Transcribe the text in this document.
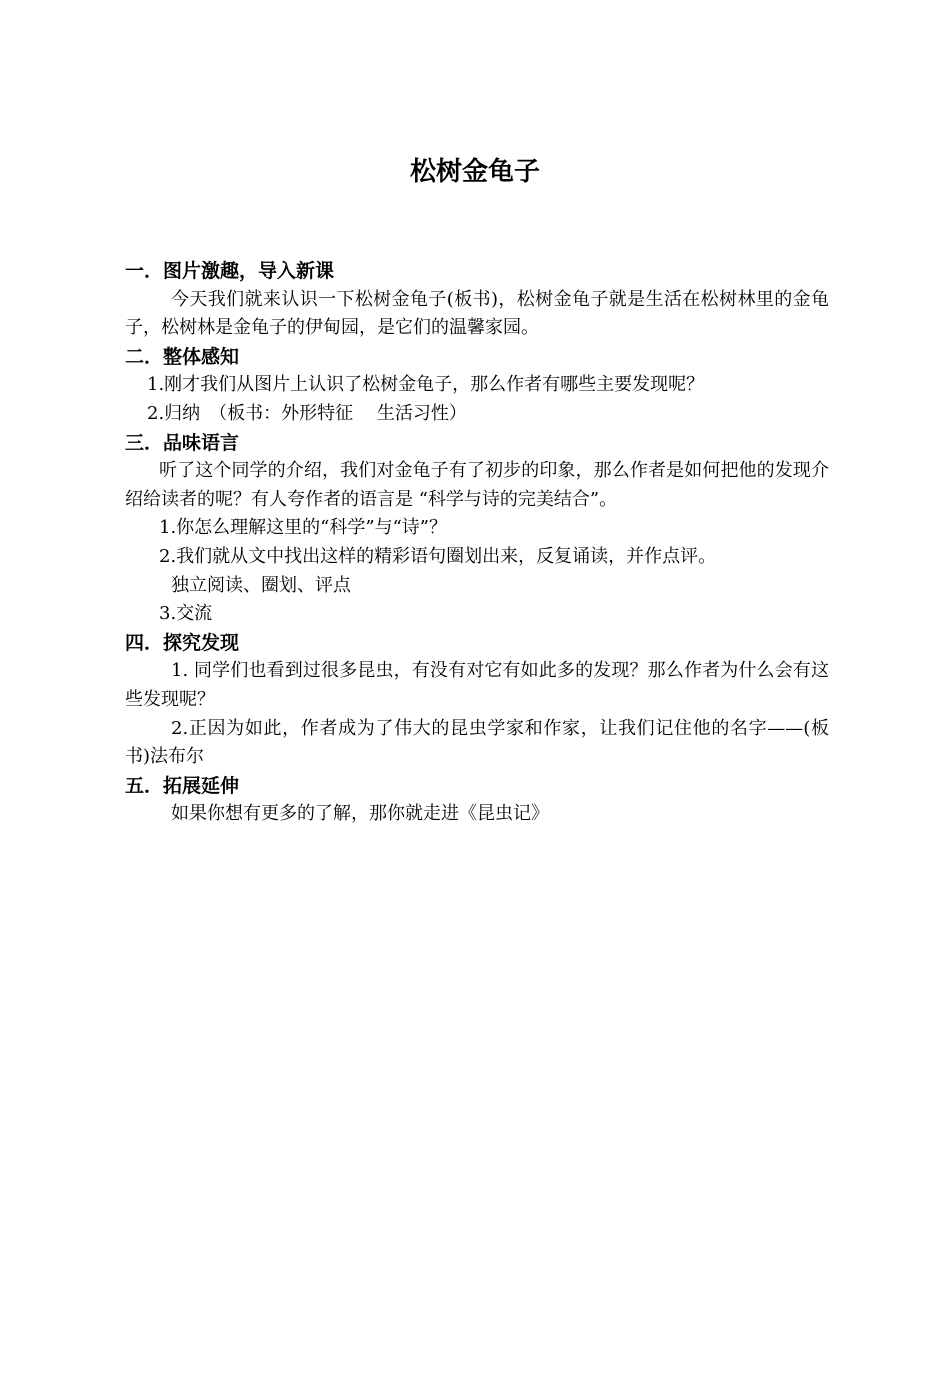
松树金龟子
一．图片激趣，导入新课

今天我们就来认识一下松树金龟子(板书)，松树金龟子就是生活在松树林里的金龟子，松树林是金龟子的伊甸园，是它们的温馨家园。

二．整体感知

1.刚才我们从图片上认识了松树金龟子，那么作者有哪些主要发现呢？

2.归纳　（板书：外形特征　 生活习性）

三．品味语言

听了这个同学的介绍，我们对金龟子有了初步的印象，那么作者是如何把他的发现介绍给读者的呢？有人夸作者的语言是 “科学与诗的完美结合”。

1.你怎么理解这里的“科学”与“诗”？

2.我们就从文中找出这样的精彩语句圈划出来，反复诵读，并作点评。

独立阅读、圈划、评点

3.交流

四．探究发现

1. 同学们也看到过很多昆虫，有没有对它有如此多的发现？那么作者为什么会有这些发现呢？

2.正因为如此，作者成为了伟大的昆虫学家和作家，让我们记住他的名字——(板书)法布尔

五．拓展延伸

如果你想有更多的了解，那你就走进《昆虫记》
